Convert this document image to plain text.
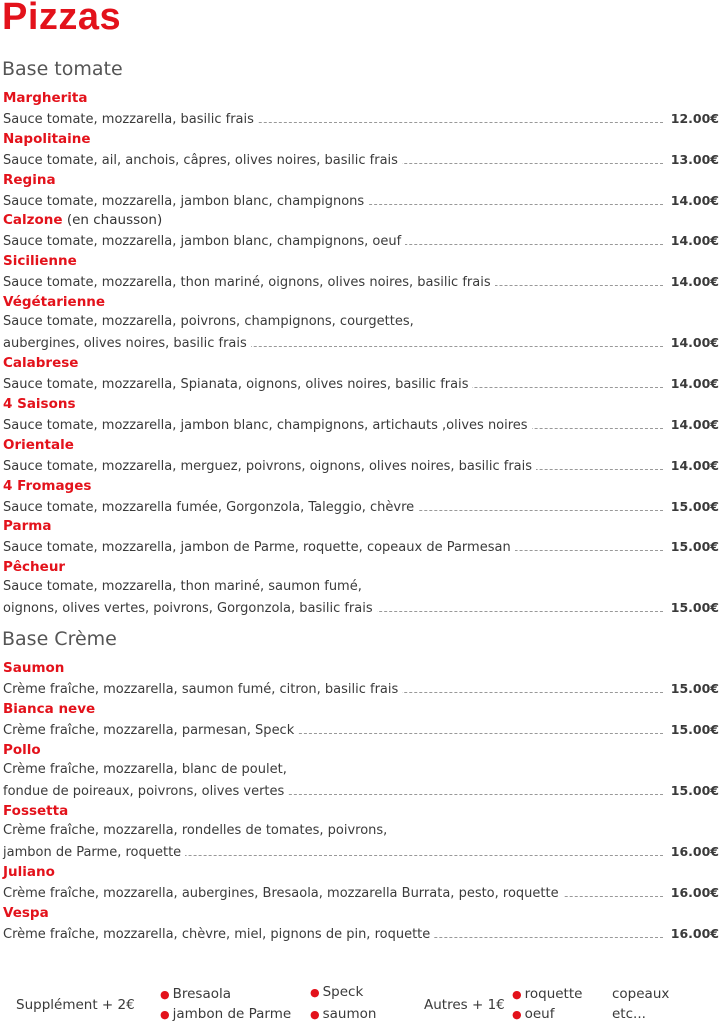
Pizzas
Base tomate
Margherita
Sauce tomate, mozzarella, basilic frais	12.00€
Napolitaine
Sauce tomate, ail, anchois, câpres, olives noires, basilic frais	13.00€
Regina
Sauce tomate, mozzarella, jambon blanc, champignons	14.00€
Calzone (en chausson)
Sauce tomate, mozzarella, jambon blanc, champignons, oeuf	14.00€
Sicilienne
Sauce tomate, mozzarella, thon mariné, oignons, olives noires, basilic frais	14.00€
Végétarienne
Sauce tomate, mozzarella, poivrons, champignons, courgettes,
aubergines, olives noires, basilic frais	14.00€
Calabrese
Sauce tomate, mozzarella, Spianata, oignons, olives noires, basilic frais	14.00€
4 Saisons
Sauce tomate, mozzarella, jambon blanc, champignons, artichauts ,olives noires	14.00€
Orientale
Sauce tomate, mozzarella, merguez, poivrons, oignons, olives noires, basilic frais	14.00€
4 Fromages
Sauce tomate, mozzarella fumée, Gorgonzola, Taleggio, chèvre	15.00€
Parma
Sauce tomate, mozzarella, jambon de Parme, roquette, copeaux de Parmesan	15.00€
Pêcheur
Sauce tomate, mozzarella, thon mariné, saumon fumé,
oignons, olives vertes, poivrons, Gorgonzola, basilic frais	15.00€
Base Crème
Saumon
Crème fraîche, mozzarella, saumon fumé, citron, basilic frais	15.00€
Bianca neve
Crème fraîche, mozzarella, parmesan, Speck	15.00€
Pollo
Crème fraîche, mozzarella, blanc de poulet,
fondue de poireaux, poivrons, olives vertes	15.00€
Fossetta
Crème fraîche, mozzarella, rondelles de tomates, poivrons,
jambon de Parme, roquette	16.00€
Juliano
Crème fraîche, mozzarella, aubergines, Bresaola, mozzarella Burrata, pesto, roquette	16.00€
Vespa
Crème fraîche, mozzarella, chèvre, miel, pignons de pin, roquette	16.00€
Supplément + 2€
● Bresaola
● jambon de Parme
● Speck
● saumon
Autres + 1€
● roquette
● oeuf
copeaux
etc...
